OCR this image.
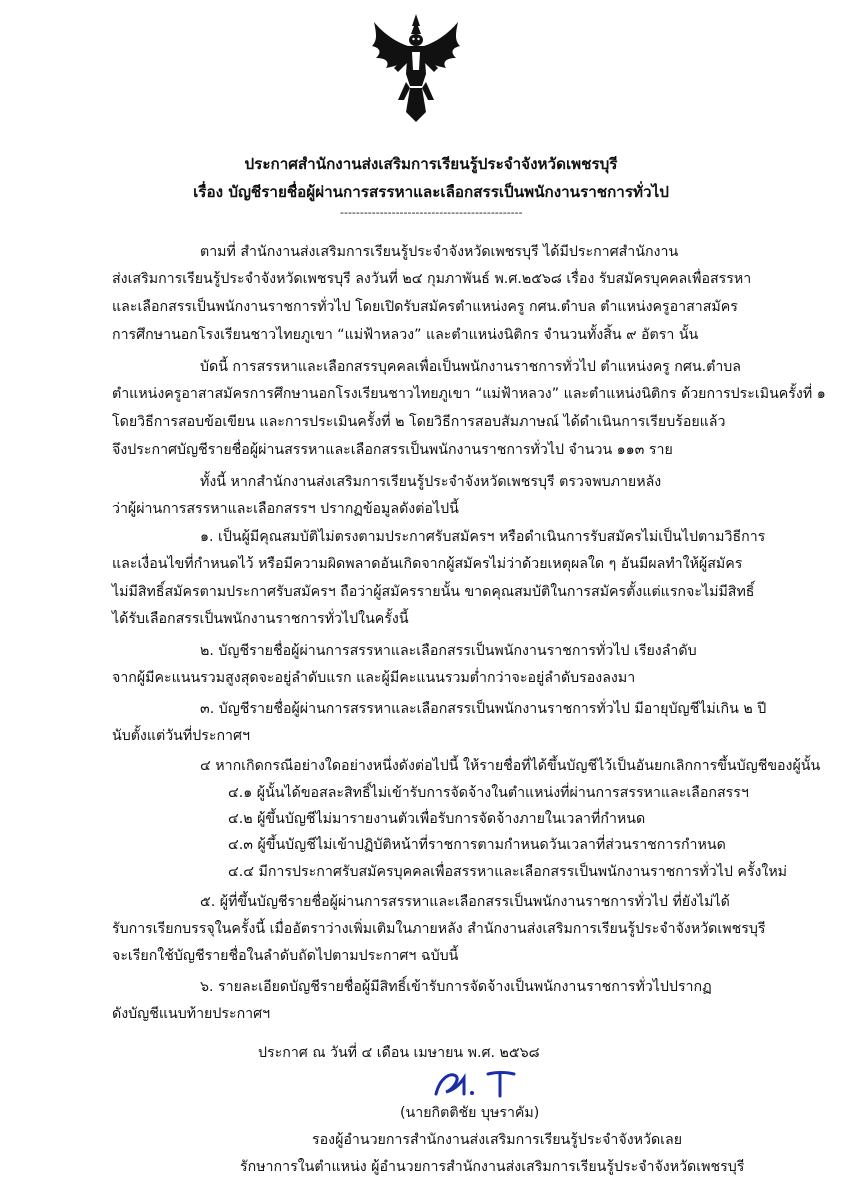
ประกาศสำนักงานส่งเสริมการเรียนรู้ประจำจังหวัดเพชรบุรี
เรื่อง บัญชีรายชื่อผู้ผ่านการสรรหาและเลือกสรรเป็นพนักงานราชการทั่วไป
----------------------------------------------
ตามที่ สำนักงานส่งเสริมการเรียนรู้ประจำจังหวัดเพชรบุรี ได้มีประกาศสำนักงาน
ส่งเสริมการเรียนรู้ประจำจังหวัดเพชรบุรี ลงวันที่ ๒๔ กุมภาพันธ์ พ.ศ.๒๕๖๘ เรื่อง รับสมัครบุคคลเพื่อสรรหา
และเลือกสรรเป็นพนักงานราชการทั่วไป โดยเปิดรับสมัครตำแหน่งครู กศน.ตำบล ตำแหน่งครูอาสาสมัคร
การศึกษานอกโรงเรียนชาวไทยภูเขา “แม่ฟ้าหลวง” และตำแหน่งนิติกร จำนวนทั้งสิ้น ๙ อัตรา นั้น
บัดนี้ การสรรหาและเลือกสรรบุคคลเพื่อเป็นพนักงานราชการทั่วไป ตำแหน่งครู กศน.ตำบล
ตำแหน่งครูอาสาสมัครการศึกษานอกโรงเรียนชาวไทยภูเขา “แม่ฟ้าหลวง” และตำแหน่งนิติกร ด้วยการประเมินครั้งที่ ๑
โดยวิธีการสอบข้อเขียน และการประเมินครั้งที่ ๒ โดยวิธีการสอบสัมภาษณ์ ได้ดำเนินการเรียบร้อยแล้ว
จึงประกาศบัญชีรายชื่อผู้ผ่านสรรหาและเลือกสรรเป็นพนักงานราชการทั่วไป จำนวน ๑๑๓ ราย
ทั้งนี้ หากสำนักงานส่งเสริมการเรียนรู้ประจำจังหวัดเพชรบุรี ตรวจพบภายหลัง
ว่าผู้ผ่านการสรรหาและเลือกสรรฯ ปรากฏข้อมูลดังต่อไปนี้
๑. เป็นผู้มีคุณสมบัติไม่ตรงตามประกาศรับสมัครฯ หรือดำเนินการรับสมัครไม่เป็นไปตามวิธีการ
และเงื่อนไขที่กำหนดไว้ หรือมีความผิดพลาดอันเกิดจากผู้สมัครไม่ว่าด้วยเหตุผลใด ๆ อันมีผลทำให้ผู้สมัคร
ไม่มีสิทธิ์สมัครตามประกาศรับสมัครฯ ถือว่าผู้สมัครรายนั้น ขาดคุณสมบัติในการสมัครตั้งแต่แรกจะไม่มีสิทธิ์
ได้รับเลือกสรรเป็นพนักงานราชการทั่วไปในครั้งนี้
๒. บัญชีรายชื่อผู้ผ่านการสรรหาและเลือกสรรเป็นพนักงานราชการทั่วไป เรียงลำดับ
จากผู้มีคะแนนรวมสูงสุดจะอยู่ลำดับแรก และผู้มีคะแนนรวมต่ำกว่าจะอยู่ลำดับรองลงมา
๓. บัญชีรายชื่อผู้ผ่านการสรรหาและเลือกสรรเป็นพนักงานราชการทั่วไป มีอายุบัญชีไม่เกิน ๒ ปี
นับตั้งแต่วันที่ประกาศฯ
๔ หากเกิดกรณีอย่างใดอย่างหนึ่งดังต่อไปนี้ ให้รายชื่อที่ได้ขึ้นบัญชีไว้เป็นอันยกเลิกการขึ้นบัญชีของผู้นั้น
๔.๑ ผู้นั้นได้ขอสละสิทธิ์ไม่เข้ารับการจัดจ้างในตำแหน่งที่ผ่านการสรรหาและเลือกสรรฯ
๔.๒ ผู้ขึ้นบัญชีไม่มารายงานตัวเพื่อรับการจัดจ้างภายในเวลาที่กำหนด
๔.๓ ผู้ขึ้นบัญชีไม่เข้าปฏิบัติหน้าที่ราชการตามกำหนดวันเวลาที่ส่วนราชการกำหนด
๔.๔ มีการประกาศรับสมัครบุคคลเพื่อสรรหาและเลือกสรรเป็นพนักงานราชการทั่วไป ครั้งใหม่
๕. ผู้ที่ขึ้นบัญชีรายชื่อผู้ผ่านการสรรหาและเลือกสรรเป็นพนักงานราชการทั่วไป ที่ยังไม่ได้
รับการเรียกบรรจุในครั้งนี้ เมื่ออัตราว่างเพิ่มเติมในภายหลัง สำนักงานส่งเสริมการเรียนรู้ประจำจังหวัดเพชรบุรี
จะเรียกใช้บัญชีรายชื่อในลำดับถัดไปตามประกาศฯ ฉบับนี้
๖. รายละเอียดบัญชีรายชื่อผู้มีสิทธิ์เข้ารับการจัดจ้างเป็นพนักงานราชการทั่วไปปรากฏ
ดังบัญชีแนบท้ายประกาศฯ
ประกาศ ณ วันที่ ๔ เดือน เมษายน พ.ศ. ๒๕๖๘
(นายกิตติชัย บุษราคัม)
รองผู้อำนวยการสำนักงานส่งเสริมการเรียนรู้ประจำจังหวัดเลย
รักษาการในตำแหน่ง ผู้อำนวยการสำนักงานส่งเสริมการเรียนรู้ประจำจังหวัดเพชรบุรี
